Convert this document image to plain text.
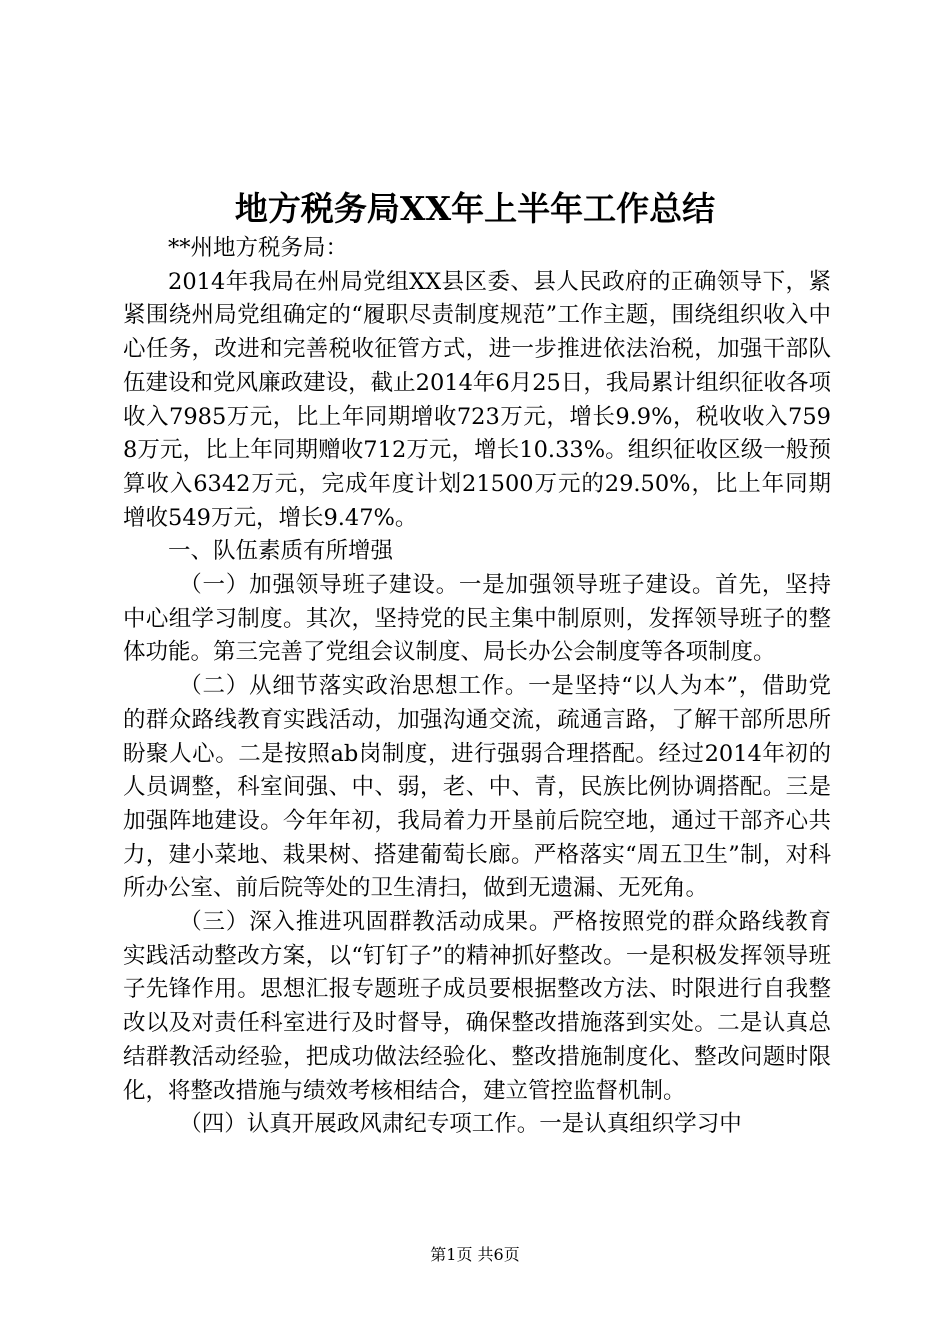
地方税务局XX年上半年工作总结

**州地方税务局：

2014年我局在州局党组XX县区委、县人民政府的正确领导下，紧紧围绕州局党组确定的“履职尽责制度规范”工作主题，围绕组织收入中心任务，改进和完善税收征管方式，进一步推进依法治税，加强干部队伍建设和党风廉政建设，截止2014年6月25日，我局累计组织征收各项收入7985万元，比上年同期增收723万元，增长9.9%，税收收入7598万元，比上年同期赠收712万元，增长10.33%。组织征收区级一般预算收入6342万元，完成年度计划21500万元的29.50%，比上年同期增收549万元，增长9.47%。

一、队伍素质有所增强

（一）加强领导班子建设。一是加强领导班子建设。首先，坚持中心组学习制度。其次，坚持党的民主集中制原则，发挥领导班子的整体功能。第三完善了党组会议制度、局长办公会制度等各项制度。

（二）从细节落实政治思想工作。一是坚持“以人为本”，借助党的群众路线教育实践活动，加强沟通交流，疏通言路，了解干部所思所盼聚人心。二是按照ab岗制度，进行强弱合理搭配。经过2014年初的人员调整，科室间强、中、弱，老、中、青，民族比例协调搭配。三是加强阵地建设。今年年初，我局着力开垦前后院空地，通过干部齐心共力，建小菜地、栽果树、搭建葡萄长廊。严格落实“周五卫生”制，对科所办公室、前后院等处的卫生清扫，做到无遗漏、无死角。

（三）深入推进巩固群教活动成果。严格按照党的群众路线教育实践活动整改方案，以“钉钉子”的精神抓好整改。一是积极发挥领导班子先锋作用。思想汇报专题班子成员要根据整改方法、时限进行自我整改以及对责任科室进行及时督导，确保整改措施落到实处。二是认真总结群教活动经验，把成功做法经验化、整改措施制度化、整改问题时限化，将整改措施与绩效考核相结合，建立管控监督机制。

（四）认真开展政风肃纪专项工作。一是认真组织学习中

第1页 共6页
